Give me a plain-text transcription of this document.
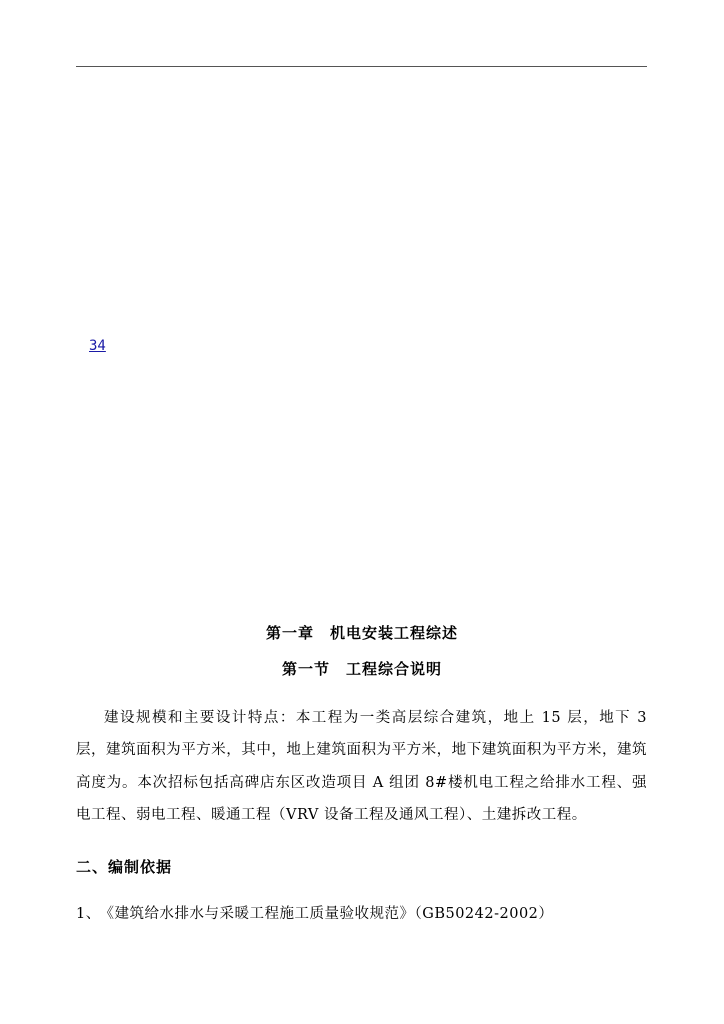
34
第一章　机电安装工程综述
第一节　工程综合说明

建设规模和主要设计特点：本工程为一类高层综合建筑，地上 15 层，地下 3 层，建筑面积为平方米，其中，地上建筑面积为平方米，地下建筑面积为平方米，建筑高度为。本次招标包括高碑店东区改造项目 A 组团 8#楼机电工程之给排水工程、强电工程、弱电工程、暖通工程（VRV 设备工程及通风工程）、土建拆改工程。

二、编制依据
1、 《建筑给水排水与采暖工程施工质量验收规范》（GB50242-2002）
